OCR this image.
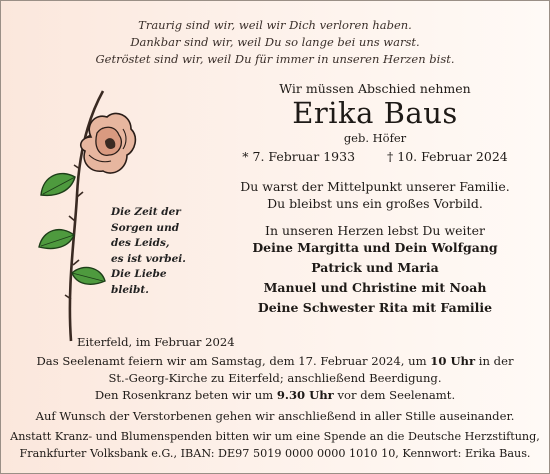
Traurig sind wir, weil wir Dich verloren haben.
Dankbar sind wir, weil Du so lange bei uns warst.
Getröstet sind wir, weil Du für immer in unseren Herzen bist.
Wir müssen Abschied nehmen
Erika Baus
geb. Höfer
* 7. Februar 1933	† 10. Februar 2024
Du warst der Mittelpunkt unserer Familie.
Du bleibst uns ein großes Vorbild.
In unseren Herzen lebst Du weiter
Deine Margitta und Dein Wolfgang
Patrick und Maria
Manuel und Christine mit Noah
Deine Schwester Rita mit Familie
Die Zeit der
Sorgen und
des Leids,
es ist vorbei.
Die Liebe
bleibt.
Eiterfeld, im Februar 2024
Das Seelenamt feiern wir am Samstag, dem 17. Februar 2024, um 10 Uhr in der
St.-Georg-Kirche zu Eiterfeld; anschließend Beerdigung.
Den Rosenkranz beten wir um 9.30 Uhr vor dem Seelenamt.
Auf Wunsch der Verstorbenen gehen wir anschließend in aller Stille auseinander.
Anstatt Kranz- und Blumenspenden bitten wir um eine Spende an die Deutsche Herzstiftung,
Frankfurter Volksbank e.G., IBAN: DE97 5019 0000 0000 1010 10, Kennwort: Erika Baus.
